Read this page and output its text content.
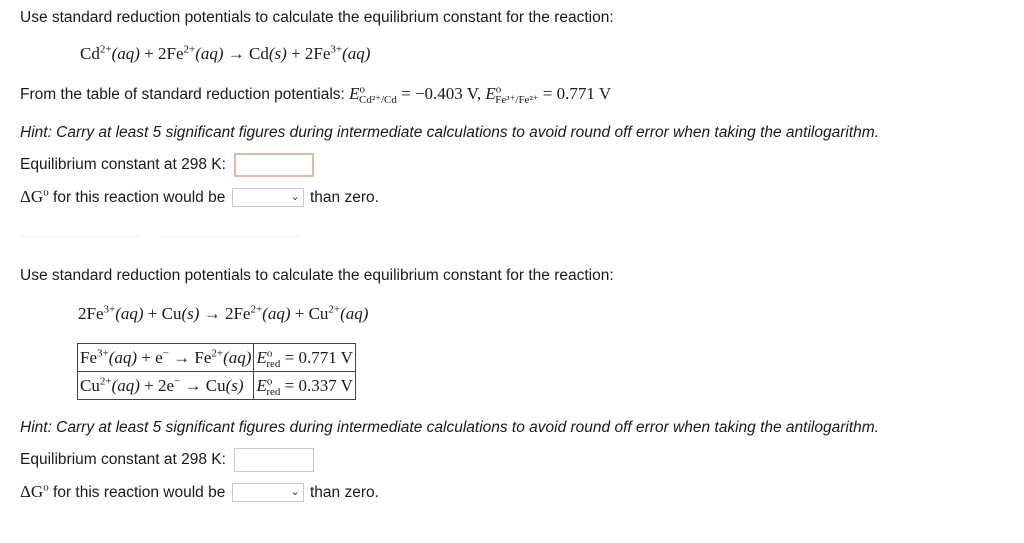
Use standard reduction potentials to calculate the equilibrium constant for the reaction:
$Cd^{2+}(aq) + 2Fe^{2+}(aq) \to Cd(s) + 2Fe^{3+}(aq)$
From the table of standard reduction potentials: $E^o_{Cd^{2+}/Cd} = -0.403$ V, $E^o_{Fe^{3+}/Fe^{2+}} = 0.771$ V
Hint: Carry at least 5 significant figures during intermediate calculations to avoid round off error when taking the antilogarithm.
Equilibrium constant at 298 K:
$\Delta G^o$ for this reaction would be	⌄ than zero.
Use standard reduction potentials to calculate the equilibrium constant for the reaction:
$2Fe^{3+}(aq) + Cu(s) \to 2Fe^{2+}(aq) + Cu^{2+}(aq)$
$Fe^{3+}(aq) + e^- \to Fe^{2+}(aq)$	$E^o_{red} = 0.771$ V
$Cu^{2+}(aq) + 2e^- \to Cu(s)$	$E^o_{red} = 0.337$ V
Hint: Carry at least 5 significant figures during intermediate calculations to avoid round off error when taking the antilogarithm.
Equilibrium constant at 298 K:
$\Delta G^o$ for this reaction would be	⌄ than zero.
